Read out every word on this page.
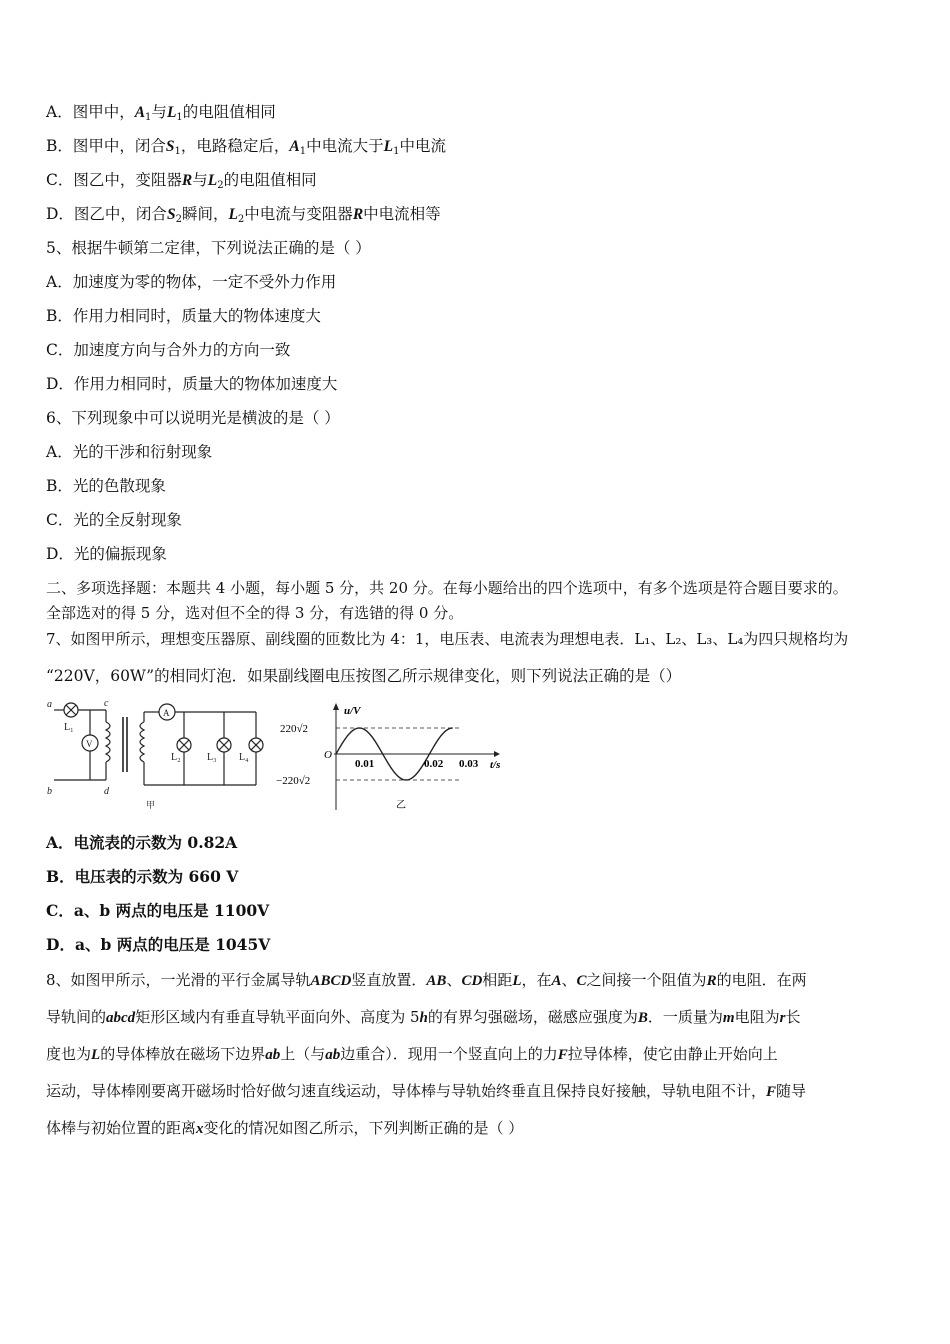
A．图甲中，$A_1$与$L_1$的电阻值相同
B．图甲中，闭合$S_1$，电路稳定后，$A_1$中电流大于$L_1$中电流
C．图乙中，变阻器R与$L_2$的电阻值相同
D．图乙中，闭合$S_2$瞬间，$L_2$中电流与变阻器R中电流相等
5、根据牛顿第二定律，下列说法正确的是（ ）
A．加速度为零的物体，一定不受外力作用
B．作用力相同时，质量大的物体速度大
C．加速度方向与合外力的方向一致
D．作用力相同时，质量大的物体加速度大
6、下列现象中可以说明光是横波的是（ ）
A．光的干涉和衍射现象
B．光的色散现象
C．光的全反射现象
D．光的偏振现象
二、多项选择题：本题共 4 小题，每小题 5 分，共 20 分。在每小题给出的四个选项中，有多个选项是符合题目要求的。
全部选对的得 5 分，选对但不全的得 3 分，有选错的得 0 分。
7、如图甲所示，理想变压器原、副线圈的匝数比为 4：1，电压表、电流表为理想电表．L₁、L₂、L₃、L₄为四只规格均为
“220V，60W”的相同灯泡．如果副线圈电压按图乙所示规律变化，则下列说法正确的是（）
a
b
c
d
L₁
V
A
L₂	L₃ L₄
甲
u/V
t/s
O
220√2
−220√2
0.01	0.02 0.03
乙
A．电流表的示数为 0.82A
B．电压表的示数为 660 V
C．a、b 两点的电压是 1100V
D．a、b 两点的电压是 1045V
8、如图甲所示，一光滑的平行金属导轨ABCD竖直放置．AB、CD相距L，在A、C之间接一个阻值为R的电阻．在两
导轨间的abcd矩形区域内有垂直导轨平面向外、高度为 5h的有界匀强磁场，磁感应强度为B．一质量为m电阻为r长
度也为L的导体棒放在磁场下边界ab上（与ab边重合）．现用一个竖直向上的力F拉导体棒，使它由静止开始向上
运动，导体棒刚要离开磁场时恰好做匀速直线运动，导体棒与导轨始终垂直且保持良好接触，导轨电阻不计，F随导
体棒与初始位置的距离x变化的情况如图乙所示，下列判断正确的是（ ）
